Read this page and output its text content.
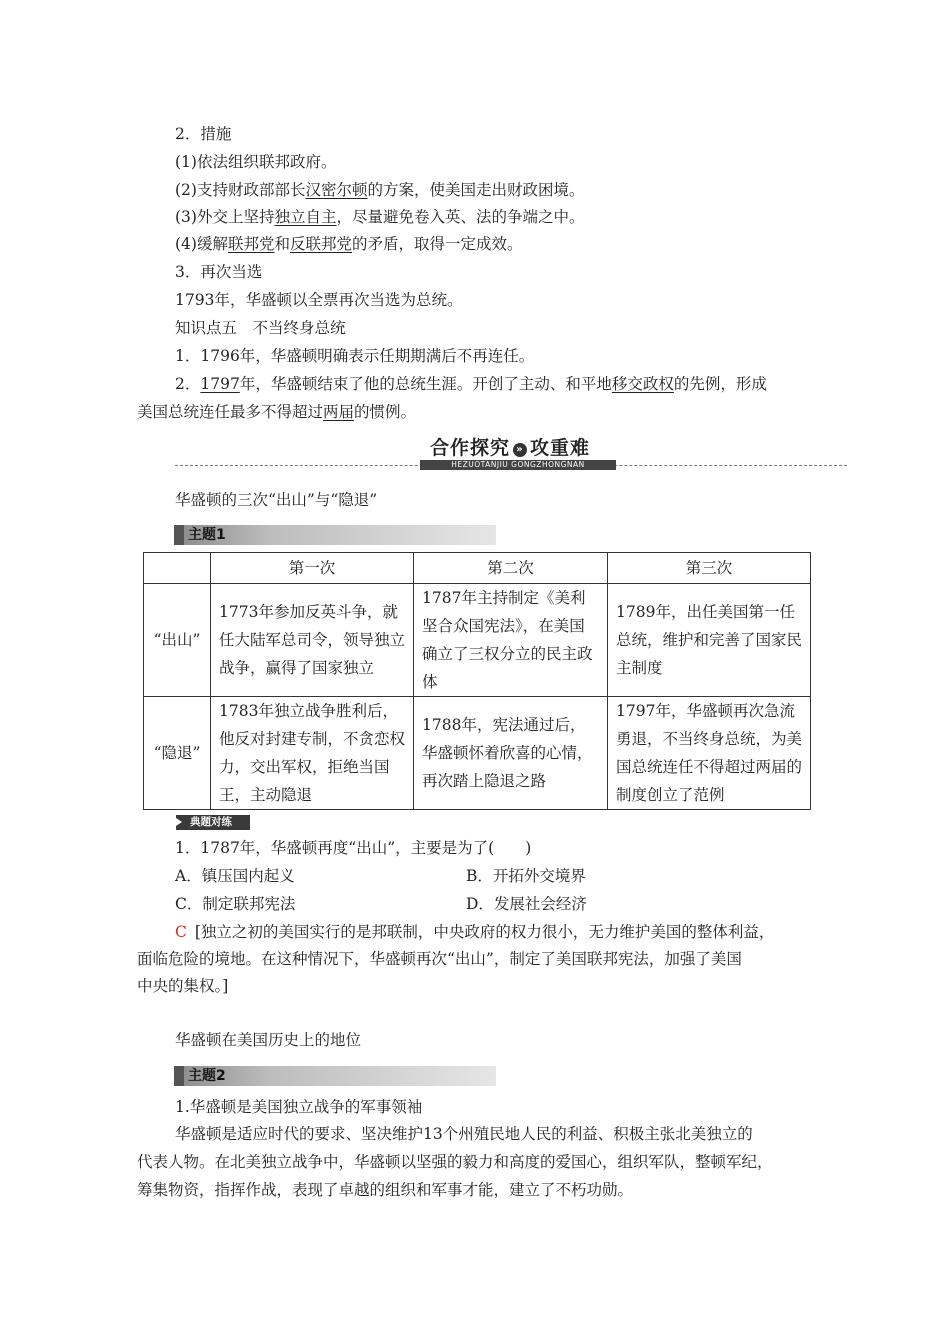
2．措施
(1)依法组织联邦政府。
(2)支持财政部部长汉密尔顿的方案，使美国走出财政困境。
(3)外交上坚持独立自主，尽量避免卷入英、法的争端之中。
(4)缓解联邦党和反联邦党的矛盾，取得一定成效。
3．再次当选
1793年，华盛顿以全票再次当选为总统。
知识点五　不当终身总统
1．1796年，华盛顿明确表示任期期满后不再连任。
2．1797年，华盛顿结束了他的总统生涯。开创了主动、和平地移交政权的先例，形成
美国总统连任最多不得超过两届的惯例。
合作探究 » 攻重难
HEZUOTANJIU GONGZHONGNAN
华盛顿的三次“出山”与“隐退”
主题1
	第一次	第二次	第三次
“出山”	1773年参加反英斗争，就任大陆军总司令，领导独立战争，赢得了国家独立	1787年主持制定《美利坚合众国宪法》，在美国确立了三权分立的民主政体	1789年，出任美国第一任总统，维护和完善了国家民主制度
“隐退”	1783年独立战争胜利后，他反对封建专制，不贪恋权力，交出军权，拒绝当国王，主动隐退	1788年，宪法通过后，华盛顿怀着欣喜的心情，再次踏上隐退之路	1797年，华盛顿再次急流勇退，不当终身总统，为美国总统连任不得超过两届的制度创立了范例
典题对练
1．1787年，华盛顿再度“出山”，主要是为了(　　)
A．镇压国内起义	B．开拓外交境界
C．制定联邦宪法	D．发展社会经济
C [独立之初的美国实行的是邦联制，中央政府的权力很小，无力维护美国的整体利益，
面临危险的境地。在这种情况下，华盛顿再次“出山”，制定了美国联邦宪法，加强了美国
中央的集权。]
华盛顿在美国历史上的地位
主题2
1.华盛顿是美国独立战争的军事领袖
华盛顿是适应时代的要求、坚决维护13个州殖民地人民的利益、积极主张北美独立的
代表人物。在北美独立战争中，华盛顿以坚强的毅力和高度的爱国心，组织军队，整顿军纪，
筹集物资，指挥作战，表现了卓越的组织和军事才能，建立了不朽功勋。
